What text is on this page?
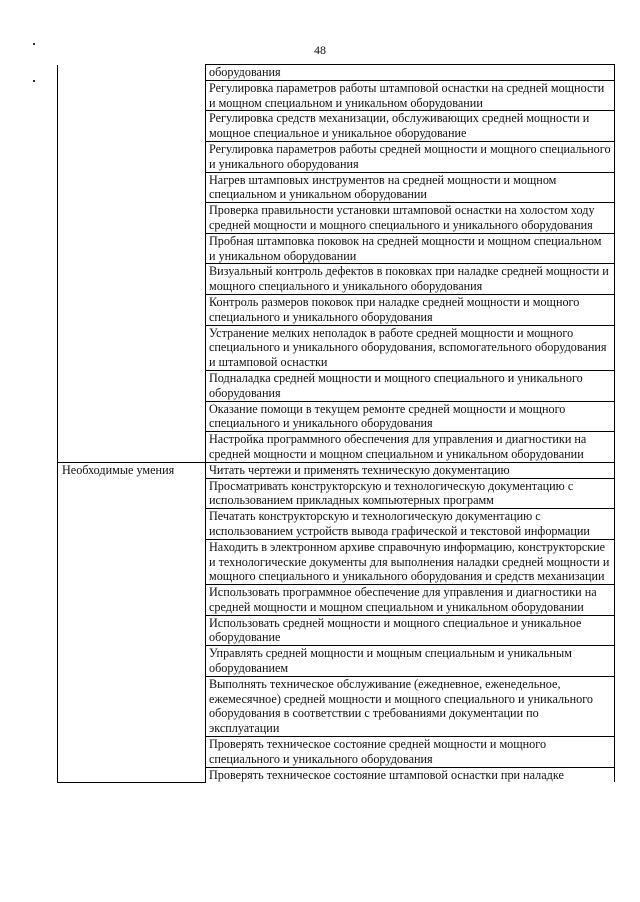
48
	оборудования
	Регулировка параметров работы штамповой оснастки на средней мощности и мощном специальном и уникальном оборудовании
	Регулировка средств механизации, обслуживающих средней мощности и мощное специальное и уникальное оборудование
	Регулировка параметров работы средней мощности и мощного специального и уникального оборудования
	Нагрев штамповых инструментов на средней мощности и мощном специальном и уникальном оборудовании
	Проверка правильности установки штамповой оснастки на холостом ходу средней мощности и мощного специального и уникального оборудования
	Пробная штамповка поковок на средней мощности и мощном специальном и уникальном оборудовании
	Визуальный контроль дефектов в поковках при наладке средней мощности и мощного специального и уникального оборудования
	Контроль размеров поковок при наладке средней мощности и мощного специального и уникального оборудования
	Устранение мелких неполадок в работе средней мощности и мощного специального и уникального оборудования, вспомогательного оборудования и штамповой оснастки
	Подналадка средней мощности и мощного специального и уникального оборудования
	Оказание помощи в текущем ремонте средней мощности и мощного специального и уникального оборудования
	Настройка программного обеспечения для управления и диагностики на средней мощности и мощном специальном и уникальном оборудовании
Необходимые умения	Читать чертежи и применять техническую документацию
	Просматривать конструкторскую и технологическую документацию с использованием прикладных компьютерных программ
	Печатать конструкторскую и технологическую документацию с использованием устройств вывода графической и текстовой информации
	Находить в электронном архиве справочную информацию, конструкторские и технологические документы для выполнения наладки средней мощности и мощного специального и уникального оборудования и средств механизации
	Использовать программное обеспечение для управления и диагностики на средней мощности и мощном специальном и уникальном оборудовании
	Использовать средней мощности и мощного специальное и уникальное оборудование
	Управлять средней мощности и мощным специальным и уникальным оборудованием
	Выполнять техническое обслуживание (ежедневное, еженедельное, ежемесячное) средней мощности и мощного специального и уникального оборудования в соответствии с требованиями документации по эксплуатации
	Проверять техническое состояние средней мощности и мощного специального и уникального оборудования
	Проверять техническое состояние штамповой оснастки при наладке
